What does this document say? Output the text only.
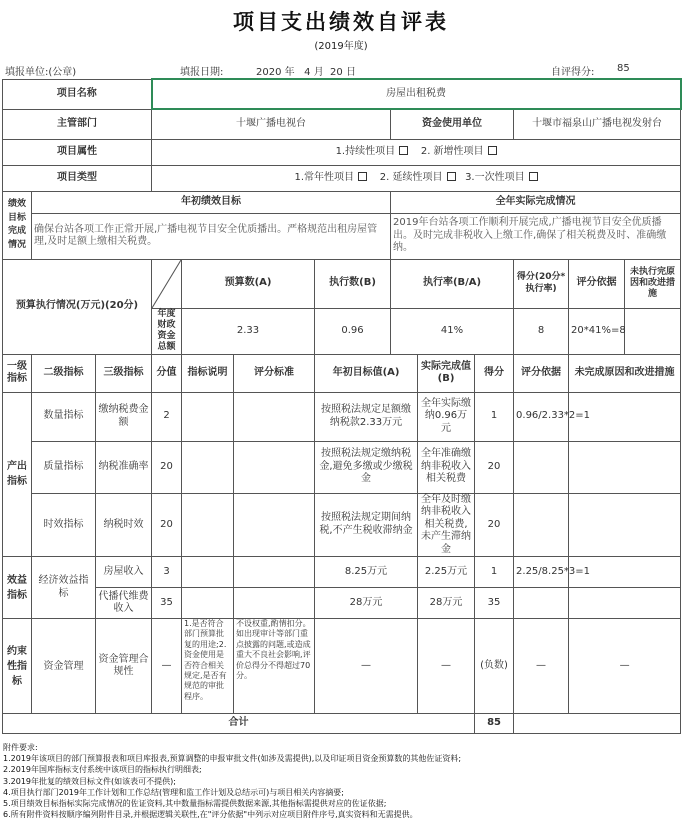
项目支出绩效自评表
(2019年度)
填报单位:(公章)	填报日期:	2020 年   4 月  20 日	自评得分: 85
项目名称			房屋出租税费									
主管部门			十堰广播电视台				资金使用单位			十堰市福泉山广播电视发射台		
项目属性			1.持续性项目 2. 新增性项目									
项目类型			1.常年性项目 2. 延续性项目 3.一次性项目									
绩效目标完成情况	年初绩效目标						全年实际完成情况					
	确保台站各项工作正常开展,广播电视节目安全优质播出。严格规范出租房屋管理,及时足额上缴相关税费。						2019年台站各项工作顺利开展完成,广播电视节目安全优质播出。及时完成非税收入上缴工作,确保了相关税费及时、准确缴纳。					
预算执行情况(万元)(20分)				预算数(A)		执行数(B)	执行率(B/A)			得分(20分*执行率)	评分依据	未执行完原因和改进措施
			年度财政资金总额	2.33		0.96	41%			8	20*41%=8	
一级指标	二级指标	三级指标	分值	指标说明	评分标准	年初目标值(A)		实际完成值(B)	得分	评分依据	未完成原因和改进措施	
产出指标	数量指标	缴纳税费金额	2			按照税法规定足额缴纳税款2.33万元		全年实际缴纳0.96万元	1	0.96/2.33*2=1		
	质量指标	纳税准确率	20			按照税法规定缴纳税金,避免多缴或少缴税金		全年准确缴纳非税收入相关税费	20			
	时效指标	纳税时效	20			按照税法规定期间纳税,不产生税收滞纳金		全年及时缴纳非税收入相关税费,未产生滞纳金	20			
效益指标	经济效益指标	房屋收入	3			8.25万元		2.25万元	1	2.25/8.25*3=1		
		代播代维费收入	35			28万元		28万元	35			
约束性指标	资金管理	资金管理合规性	—	1.是否符合部门预算批复的用途;2.资金使用是否符合相关规定,是否有规范的审批程序。	不设权重,酌情扣分。如出现审计等部门重点披露的问题,或造成重大不良社会影响,评价总得分不得超过70分。	—		—	(负数)	—	—	
合计									85			
附件要求:
1.2019年该项目的部门预算报表和项目库报表,预算调整的申报审批文件(如涉及需提供),以及印证项目资金预算数的其他佐证资料;
2.2019年国库指标支付系统中该项目的指标执行明细表;
3.2019年批复的绩效目标文件(如该表可不提供);
4.项目执行部门2019年工作计划和工作总结(管理和监工作计划及总结示可)与项目相关内容摘要;
5.项目绩效目标指标实际完成情况的佐证资料,其中数量指标需提供数据来源,其他指标需提供对应的佐证依据;
6.所有附件资料按顺序编列附件目录,并根据逻辑关联性,在"评分依据"中列示对应项目附件序号,真实资料和无需提供。
